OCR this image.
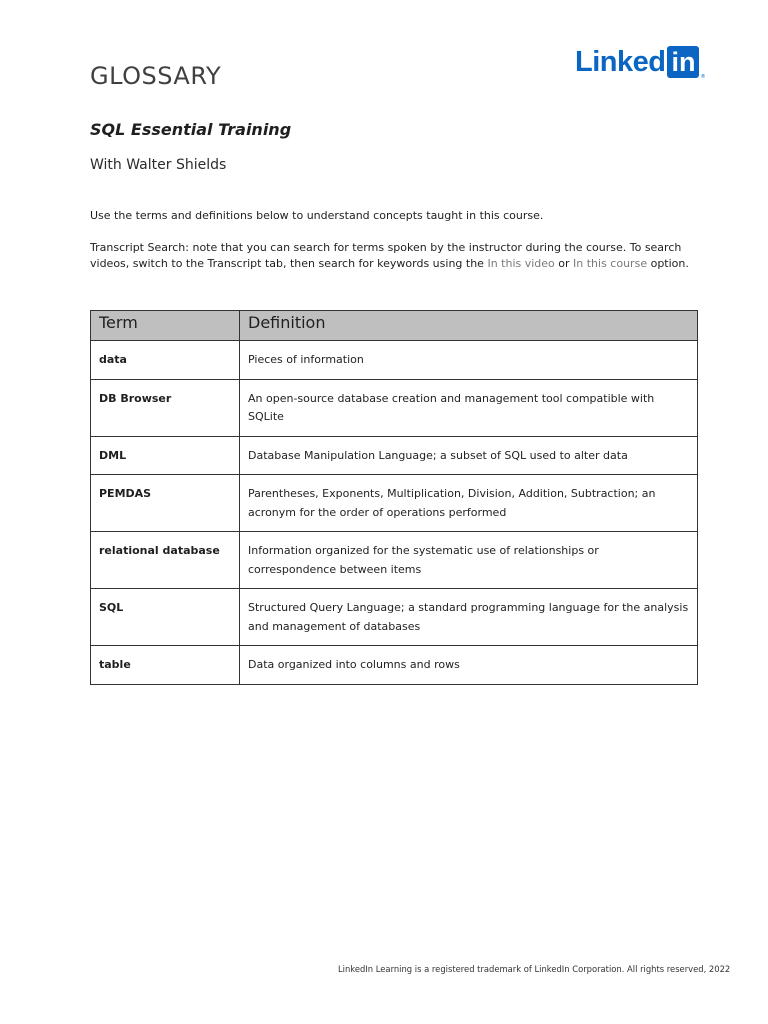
GLOSSARY	Linked in	®
SQL Essential Training

With Walter Shields

Use the terms and definitions below to understand concepts taught in this course.

Transcript Search: note that you can search for terms spoken by the instructor during the course. To search videos, switch to the Transcript tab, then search for keywords using the In this video or In this course option.

Term	Definition
data	Pieces of information
DB Browser	An open-source database creation and management tool compatible with SQLite
DML	Database Manipulation Language; a subset of SQL used to alter data
PEMDAS	Parentheses, Exponents, Multiplication, Division, Addition, Subtraction; an acronym for the order of operations performed
relational database	Information organized for the systematic use of relationships or correspondence between items
SQL	Structured Query Language; a standard programming language for the analysis and management of databases
table	Data organized into columns and rows

LinkedIn Learning is a registered trademark of LinkedIn Corporation. All rights reserved, 2022
